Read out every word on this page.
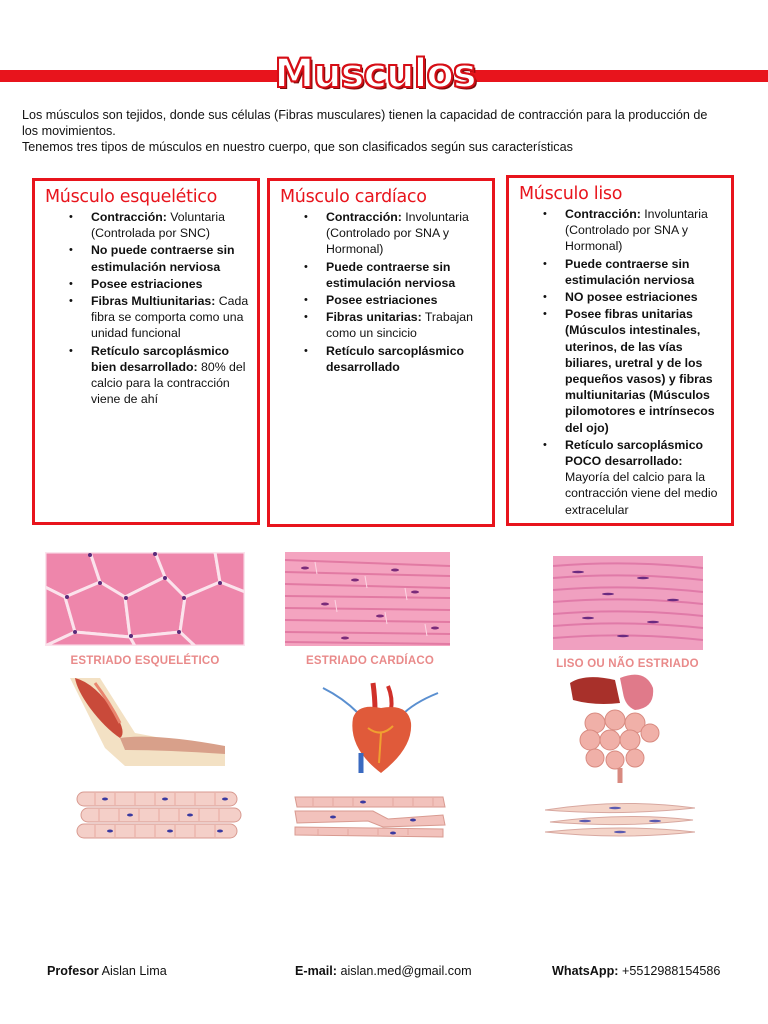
Musculos

Los músculos son tejidos, donde sus células (Fibras musculares) tienen la capacidad de contracción para la producción de los movimientos.

Tenemos tres tipos de músculos en nuestro cuerpo, que son clasificados según sus características

Músculo esquelético
• Contracción: Voluntaria (Controlada por SNC)
• No puede contraerse sin estimulación nerviosa
• Posee estriaciones
• Fibras Multiunitarias: Cada fibra se comporta como una unidad funcional
• Retículo sarcoplásmico bien desarrollado: 80% del calcio para la contracción viene de ahí
Músculo cardíaco
• Contracción: Involuntaria (Controlado por SNA y Hormonal)
• Puede contraerse sin estimulación nerviosa
• Posee estriaciones
• Fibras unitarias: Trabajan como un sincicio
• Retículo sarcoplásmico desarrollado
Músculo liso
• Contracción: Involuntaria (Controlado por SNA y Hormonal)
• Puede contraerse sin estimulación nerviosa
• NO posee estriaciones
• Posee fibras unitarias (Músculos intestinales, uterinos, de las vías biliares, uretral y de los pequeños vasos) y fibras multiunitarias (Músculos pilomotores e intrínsecos del ojo)
• Retículo sarcoplásmico POCO desarrollado: Mayoría del calcio para la contracción viene del medio extracelular
ESTRIADO ESQUELÉTICO	ESTRIADO CARDÍACO	LISO OU NÃO ESTRIADO
Profesor Aislan Lima	E-mail: aislan.med@gmail.com	WhatsApp: +5512988154586
